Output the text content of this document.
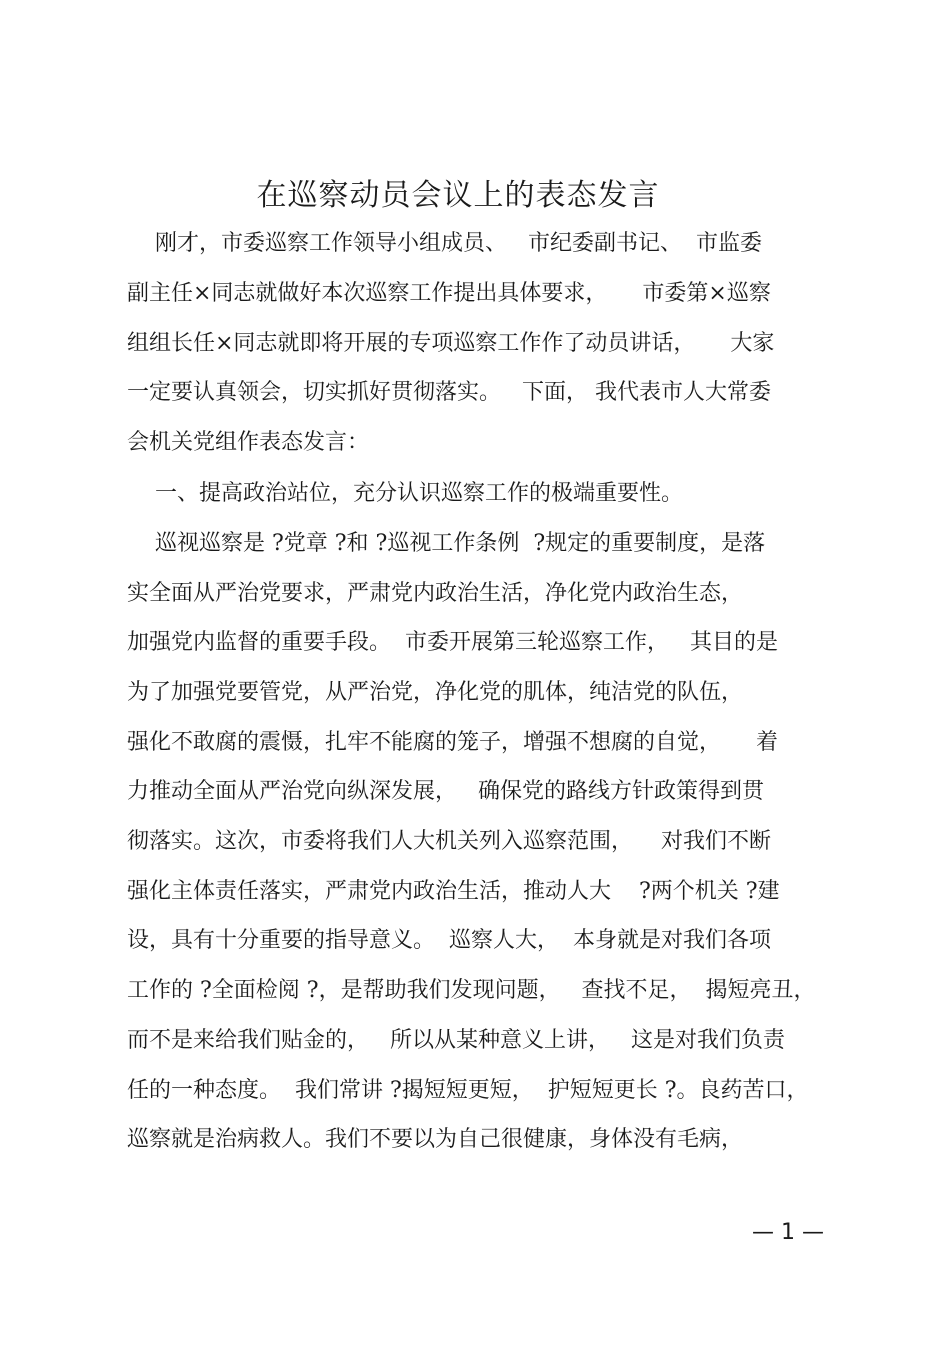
在巡察动员会议上的表态发言
刚才，市委巡察工作领导小组成员、   市纪委副书记、  市监委
副主任×同志就做好本次巡察工作提出具体要求，     市委第×巡察
组组长任×同志就即将开展的专项巡察工作作了动员讲话，     大家
一定要认真领会，切实抓好贯彻落实。   下面， 我代表市人大常委
会机关党组作表态发言：
一、提高政治站位，充分认识巡察工作的极端重要性。
巡视巡察是 ?党章 ?和 ?巡视工作条例  ?规定的重要制度，是落
实全面从严治党要求，严肃党内政治生活，净化党内政治生态，
加强党内监督的重要手段。  市委开展第三轮巡察工作，   其目的是
为了加强党要管党，从严治党，净化党的肌体，纯洁党的队伍，
强化不敢腐的震慑，扎牢不能腐的笼子，增强不想腐的自觉，     着
力推动全面从严治党向纵深发展，   确保党的路线方针政策得到贯
彻落实。这次，市委将我们人大机关列入巡察范围，    对我们不断
强化主体责任落实，严肃党内政治生活，推动人大    ?两个机关 ?建
设，具有十分重要的指导意义。  巡察人大，  本身就是对我们各项
工作的 ?全面检阅 ?，是帮助我们发现问题，   查找不足，  揭短亮丑，
而不是来给我们贴金的，   所以从某种意义上讲，   这是对我们负责
任的一种态度。  我们常讲 ?揭短短更短，  护短短更长 ?。良药苦口，
巡察就是治病救人。我们不要以为自己很健康，身体没有毛病，
— 1 —
